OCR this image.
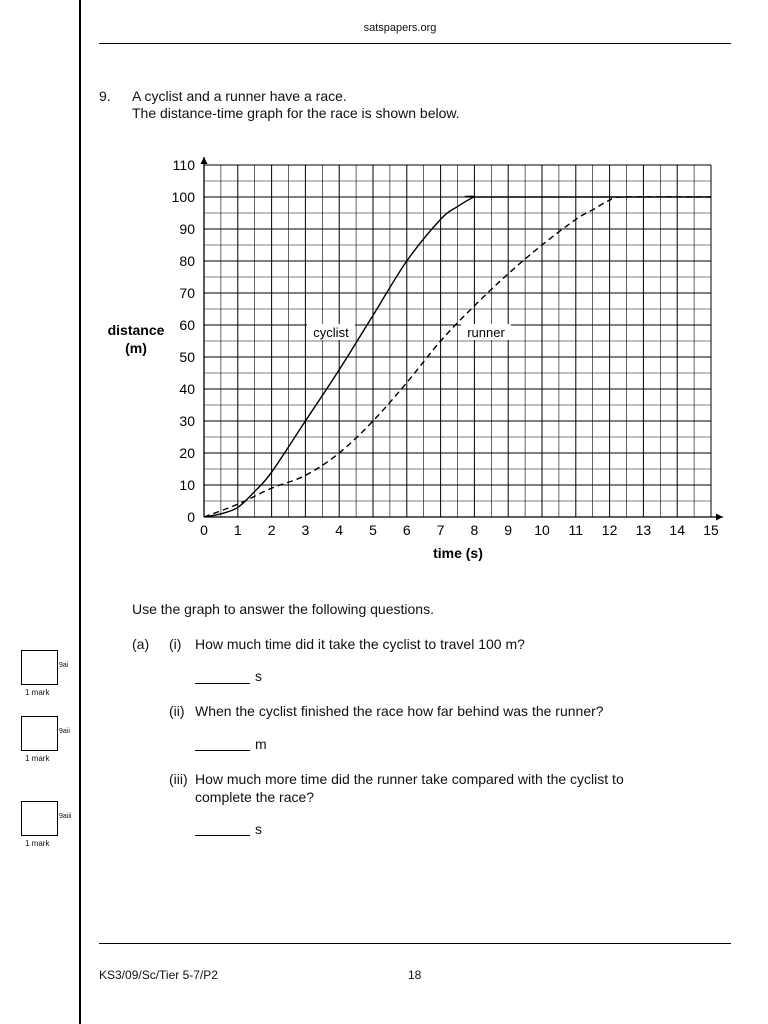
satspapers.org
9. A cyclist and a runner have a race.
The distance-time graph for the race is shown below.
0 1 2 3 4 5 6 7 8 9 10 11 12 13 14 15
0
10
20
30
40
50
60
70
80
90
100
110
distance
(m)
time (s)
cyclist	runner
Use the graph to answer the following questions.
(a) (i) How much time did it take the cyclist to travel 100 m?
s
(ii) When the cyclist finished the race how far behind was the runner?
m
(iii) How much more time did the runner take compared with the cyclist to
complete the race?
s
9ai
1 mark
9aii
1 mark
9aiii
1 mark
KS3/09/Sc/Tier 5-7/P2	18
